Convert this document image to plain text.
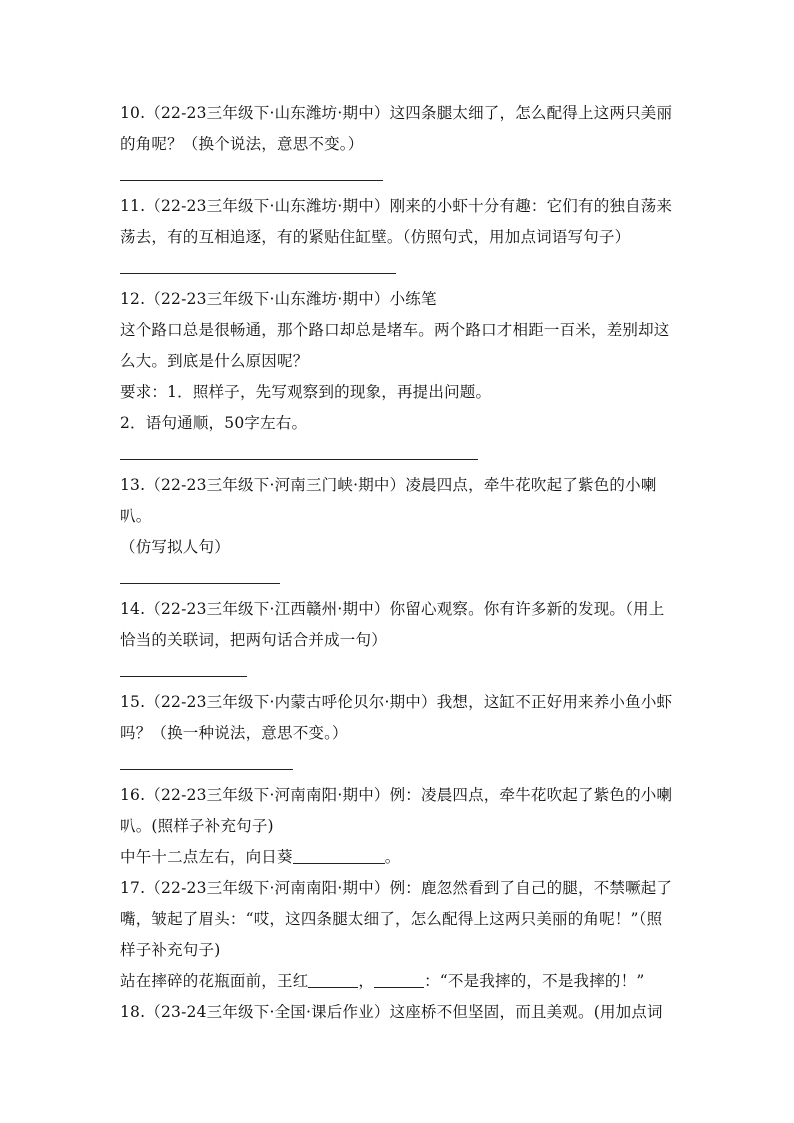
10.（22-23三年级下·山东潍坊·期中）这四条腿太细了，怎么配得上这两只美丽

的角呢？（换个说法，意思不变。）

11.（22-23三年级下·山东潍坊·期中）刚来的小虾十分有趣：它们有的独自荡来

荡去，有的互相追逐，有的紧贴住缸壁。（仿照句式，用加点词语写句子）

12.（22-23三年级下·山东潍坊·期中）小练笔

这个路口总是很畅通，那个路口却总是堵车。两个路口才相距一百米，差别却这

么大。到底是什么原因呢？

要求：1．照样子，先写观察到的现象，再提出问题。

2．语句通顺，50字左右。

13.（22-23三年级下·河南三门峡·期中）凌晨四点，牵牛花吹起了紫色的小喇叭。

（仿写拟人句）

14.（22-23三年级下·江西赣州·期中）你留心观察。你有许多新的发现。（用上

恰当的关联词，把两句话合并成一句）

15.（22-23三年级下·内蒙古呼伦贝尔·期中）我想，这缸不正好用来养小鱼小虾

吗？（换一种说法，意思不变。）

16.（22-23三年级下·河南南阳·期中）例：凌晨四点，牵牛花吹起了紫色的小喇

叭。(照样子补充句子)

中午十二点左右，向日葵	。

17.（22-23三年级下·河南南阳·期中）例：鹿忽然看到了自己的腿，不禁噘起了

嘴，皱起了眉头：“哎，这四条腿太细了，怎么配得上这两只美丽的角呢！”（照

样子补充句子)

站在摔碎的花瓶面前，王红	，	：“不是我摔的，不是我摔的！”

18.（23-24三年级下·全国·课后作业）这座桥不但坚固，而且美观。(用加点词
